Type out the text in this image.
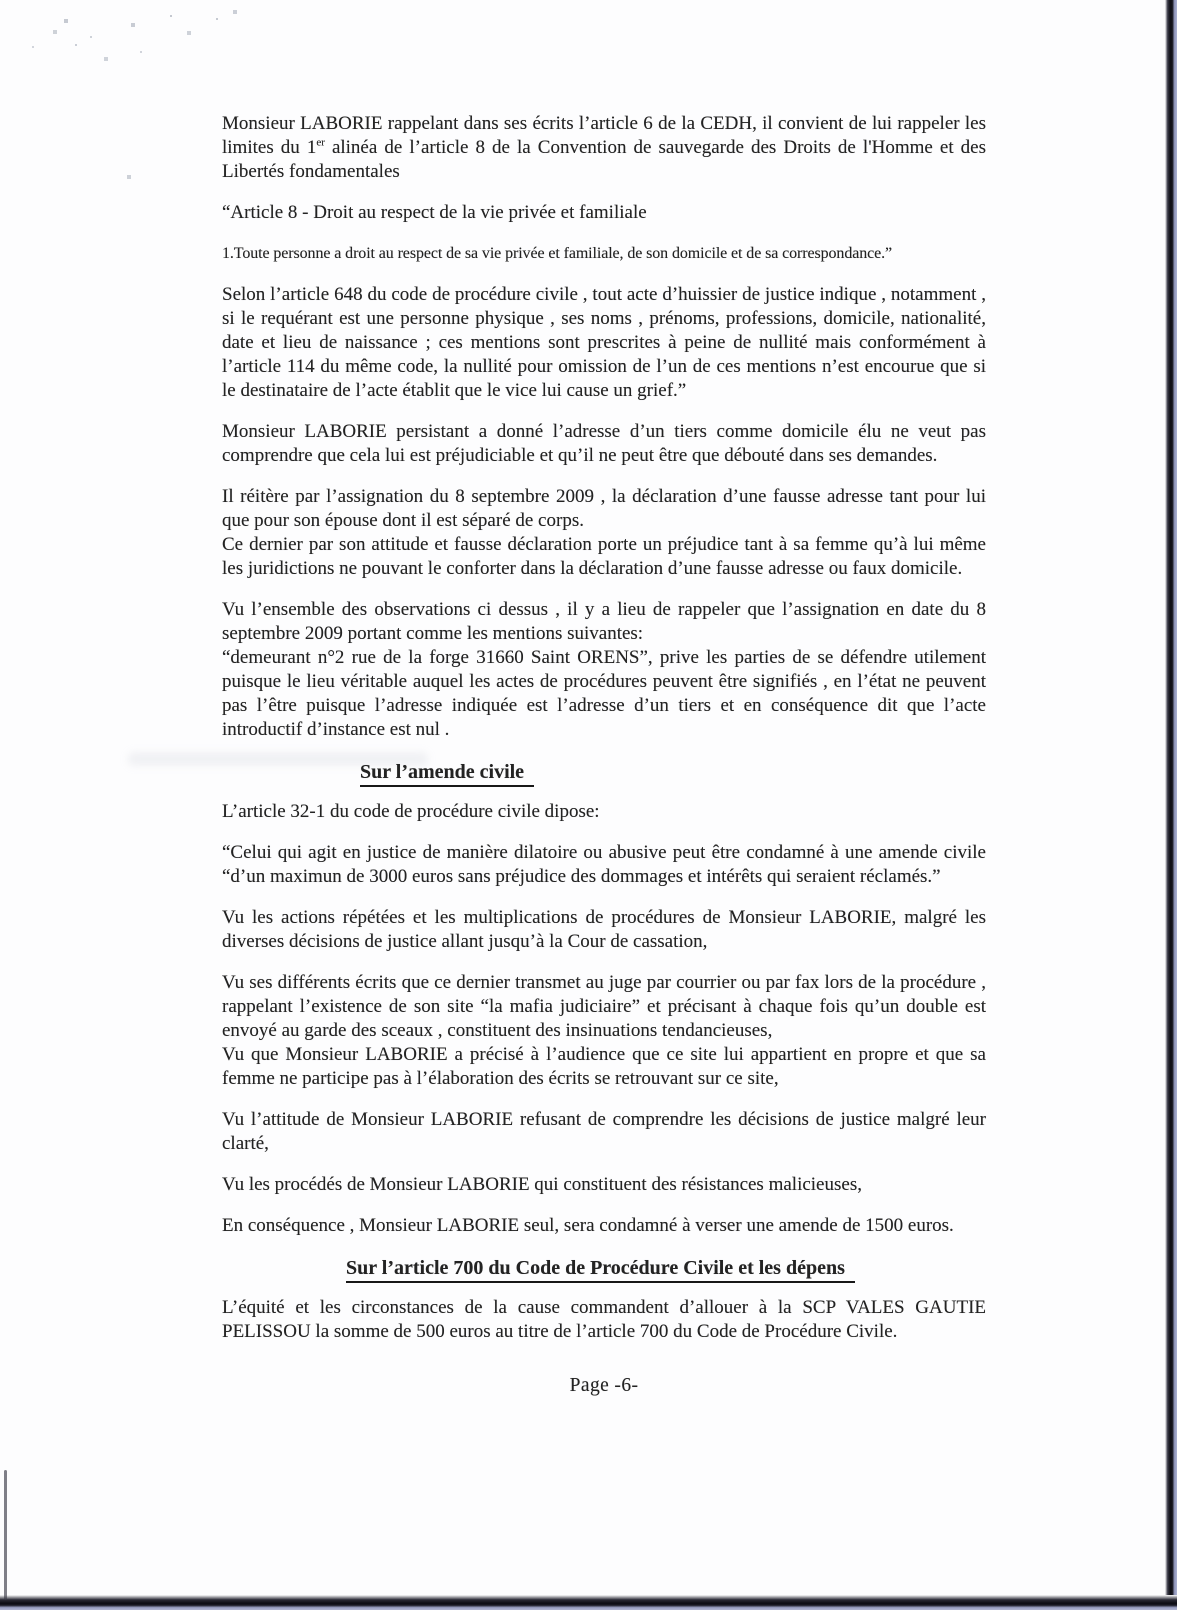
Monsieur LABORIE rappelant dans ses écrits l’article 6 de la CEDH, il convient de lui rappeler les limites du 1er alinéa de l’article 8 de la Convention de sauvegarde des Droits de l'Homme et des Libertés fondamentales

“Article 8 - Droit au respect de la vie privée et familiale

1.Toute personne a droit au respect de sa vie privée et familiale, de son domicile et de sa correspondance.”

Selon l’article 648 du code de procédure civile , tout acte d’huissier de justice indique , notamment , si le requérant est une personne physique , ses noms , prénoms, professions, domicile, nationalité, date et lieu de naissance ; ces mentions sont prescrites à peine de nullité mais conformément à l’article 114 du même code, la nullité pour omission de l’un de ces mentions n’est encourue que si le destinataire de l’acte établit que le vice lui cause un grief.”

Monsieur LABORIE persistant a donné l’adresse d’un tiers comme domicile élu ne veut pas comprendre que cela lui est préjudiciable et qu’il ne peut être que débouté dans ses demandes.

Il réitère par l’assignation du 8 septembre 2009 , la déclaration d’une fausse adresse tant pour lui que pour son épouse dont il est séparé de corps.
Ce dernier par son attitude et fausse déclaration porte un préjudice tant à sa femme qu’à lui même les juridictions ne pouvant le conforter dans la déclaration d’une fausse adresse ou faux domicile.

Vu l’ensemble des observations ci dessus , il y a lieu de rappeler que l’assignation en date du 8 septembre 2009 portant comme les mentions suivantes:
“demeurant n°2 rue de la forge 31660 Saint ORENS”, prive les parties de se défendre utilement puisque le lieu véritable auquel les actes de procédures peuvent être signifiés , en l’état ne peuvent pas l’être puisque l’adresse indiquée est l’adresse d’un tiers et en conséquence dit que l’acte introductif d’instance est nul .

Sur l’amende civile

L’article 32-1 du code de procédure civile dipose:

“Celui qui agit en justice de manière dilatoire ou abusive peut être condamné à une amende civile “d’un maximun de 3000 euros sans préjudice des dommages et intérêts qui seraient réclamés.”

Vu les actions répétées et les multiplications de procédures de Monsieur LABORIE, malgré les diverses décisions de justice allant jusqu’à la Cour de cassation,

Vu ses différents écrits que ce dernier transmet au juge par courrier ou par fax lors de la procédure , rappelant l’existence de son site “la mafia judiciaire” et précisant à chaque fois qu’un double est envoyé au garde des sceaux , constituent des insinuations tendancieuses,
Vu que Monsieur LABORIE a précisé à l’audience que ce site lui appartient en propre et que sa femme ne participe pas à l’élaboration des écrits se retrouvant sur ce site,

Vu l’attitude de Monsieur LABORIE refusant de comprendre les décisions de justice malgré leur clarté,

Vu les procédés de Monsieur LABORIE qui constituent des résistances malicieuses,

En conséquence , Monsieur LABORIE seul, sera condamné à verser une amende de 1500 euros.

Sur l’article 700 du Code de Procédure Civile et les dépens

L’équité et les circonstances de la cause commandent d’allouer à la SCP VALES GAUTIE PELISSOU la somme de 500 euros au titre de l’article 700 du Code de Procédure Civile.

Page -6-
